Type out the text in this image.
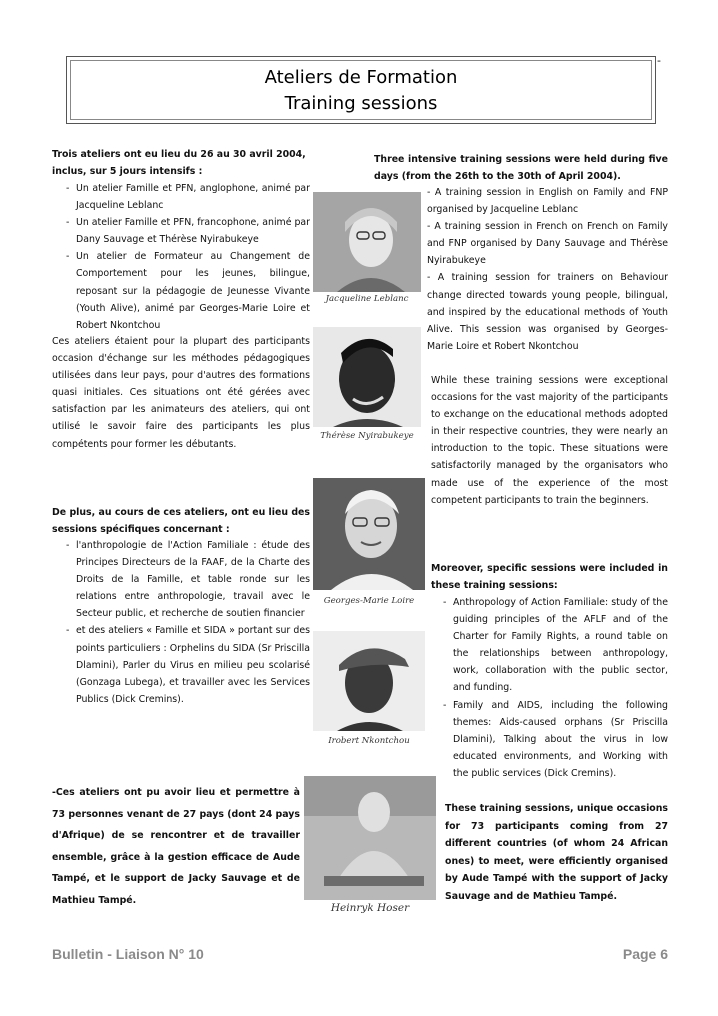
Ateliers de Formation
Training sessions
-
Trois ateliers ont eu lieu du 26 au 30 avril 2004, inclus, sur 5 jours intensifs :
- Un atelier Famille et PFN, anglophone, animé par Jacqueline Leblanc
- Un atelier Famille et PFN, francophone, animé par Dany Sauvage et Thérèse Nyirabukeye
- Un atelier de Formateur au Changement de Comportement pour les jeunes, bilingue, reposant sur la pédagogie de Jeunesse Vivante (Youth Alive), animé par Georges-Marie Loire et Robert Nkontchou
Ces ateliers étaient pour la plupart des participants occasion d'échange sur les méthodes pédagogiques utilisées dans leur pays, pour d'autres des formations quasi initiales. Ces situations ont été gérées avec satisfaction par les animateurs des ateliers, qui ont utilisé le savoir faire des participants les plus compétents pour former les débutants.
De plus, au cours de ces ateliers, ont eu lieu des sessions spécifiques concernant :
- l'anthropologie de l'Action Familiale : étude des Principes Directeurs de la FAAF, de la Charte des Droits de la Famille, et table ronde sur les relations entre anthropologie, travail avec le Secteur public, et recherche de soutien financier
- et des ateliers « Famille et SIDA » portant sur des points particuliers : Orphelins du SIDA (Sr Priscilla Dlamini), Parler du Virus en milieu peu scolarisé (Gonzaga Lubega), et travailler avec les Services Publics (Dick Cremins).
-Ces ateliers ont pu avoir lieu et permettre à 73 personnes venant de 27 pays (dont 24 pays d'Afrique) de se rencontrer et de travailler ensemble, grâce à la gestion efficace de Aude Tampé, et le support de Jacky Sauvage et de Mathieu Tampé.
Jacqueline Leblanc
Thérèse Nyirabukeye
Georges-Marie Loire
Irobert Nkontchou
Heinryk Hoser
Three intensive training sessions were held during five days (from the 26th to the 30th of April 2004).
- A training session in English on Family and FNP organised by Jacqueline Leblanc
- A training session in French on French on Family and FNP organised by Dany Sauvage and Thérèse Nyirabukeye
- A training session for trainers on Behaviour change directed towards young people, bilingual, and inspired by the educational methods of Youth Alive. This session was organised by Georges-Marie Loire et Robert Nkontchou
While these training sessions were exceptional occasions for the vast majority of the participants to exchange on the educational methods adopted in their respective countries, they were nearly an introduction to the topic. These situations were satisfactorily managed by the organisators who made use of the experience of the most competent participants to train the beginners.
Moreover, specific sessions were included in these training sessions:
- Anthropology of Action Familiale: study of the guiding principles of the AFLF and of the Charter for Family Rights, a round table on the relationships between anthropology, work, collaboration with the public sector, and funding.
- Family and AIDS, including the following themes: Aids-caused orphans (Sr Priscilla Dlamini), Talking about the virus in low educated environments, and Working with the public services (Dick Cremins).
These training sessions, unique occasions for 73 participants coming from 27 different countries (of whom 24 African ones) to meet, were efficiently organised by Aude Tampé with the support of Jacky Sauvage and de Mathieu Tampé.
Bulletin - Liaison N° 10	Page 6
